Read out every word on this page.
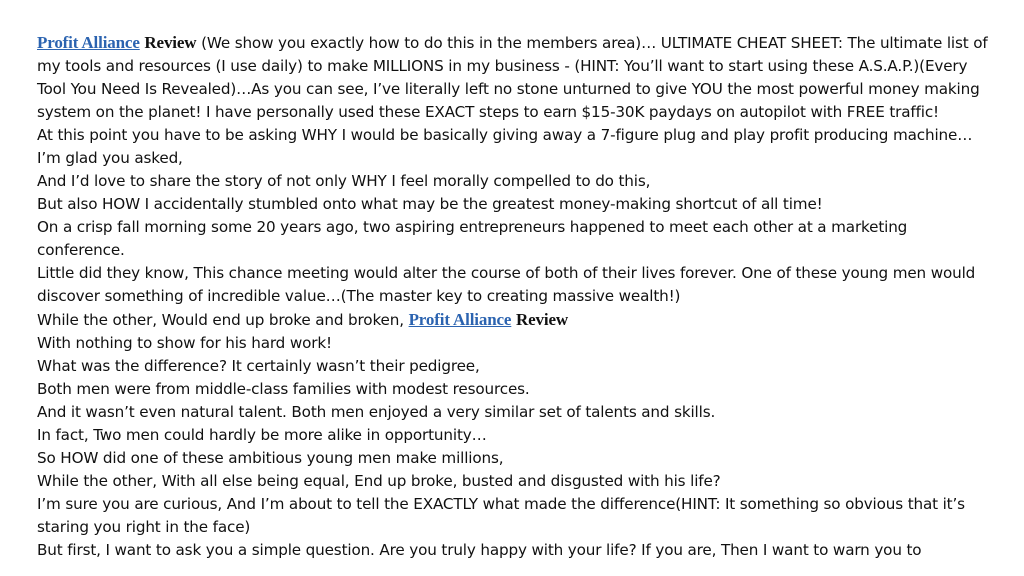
Profit Alliance Review (We show you exactly how to do this in the members area)… ULTIMATE CHEAT SHEET: The ultimate list of my tools and resources (I use daily) to make MILLIONS in my business - (HINT: You’ll want to start using these A.S.A.P.)(Every Tool You Need Is Revealed)…As you can see, I’ve literally left no stone unturned to give YOU the most powerful money making system on the planet! I have personally used these EXACT steps to earn $15-30K paydays on autopilot with FREE traffic!

At this point you have to be asking WHY I would be basically giving away a 7-figure plug and play profit producing machine…I’m glad you asked,

And I’d love to share the story of not only WHY I feel morally compelled to do this,

But also HOW I accidentally stumbled onto what may be the greatest money-making shortcut of all time!

On a crisp fall morning some 20 years ago, two aspiring entrepreneurs happened to meet each other at a marketing conference.

Little did they know, This chance meeting would alter the course of both of their lives forever. One of these young men would discover something of incredible value…(The master key to creating massive wealth!)

While the other, Would end up broke and broken, Profit Alliance Review

With nothing to show for his hard work!

What was the difference? It certainly wasn’t their pedigree,

Both men were from middle-class families with modest resources.

And it wasn’t even natural talent. Both men enjoyed a very similar set of talents and skills.

In fact, Two men could hardly be more alike in opportunity…

So HOW did one of these ambitious young men make millions,

While the other, With all else being equal, End up broke, busted and disgusted with his life?

I’m sure you are curious, And I’m about to tell the EXACTLY what made the difference(HINT: It something so obvious that it’s staring you right in the face)

But first, I want to ask you a simple question. Are you truly happy with your life? If you are, Then I want to warn you to
